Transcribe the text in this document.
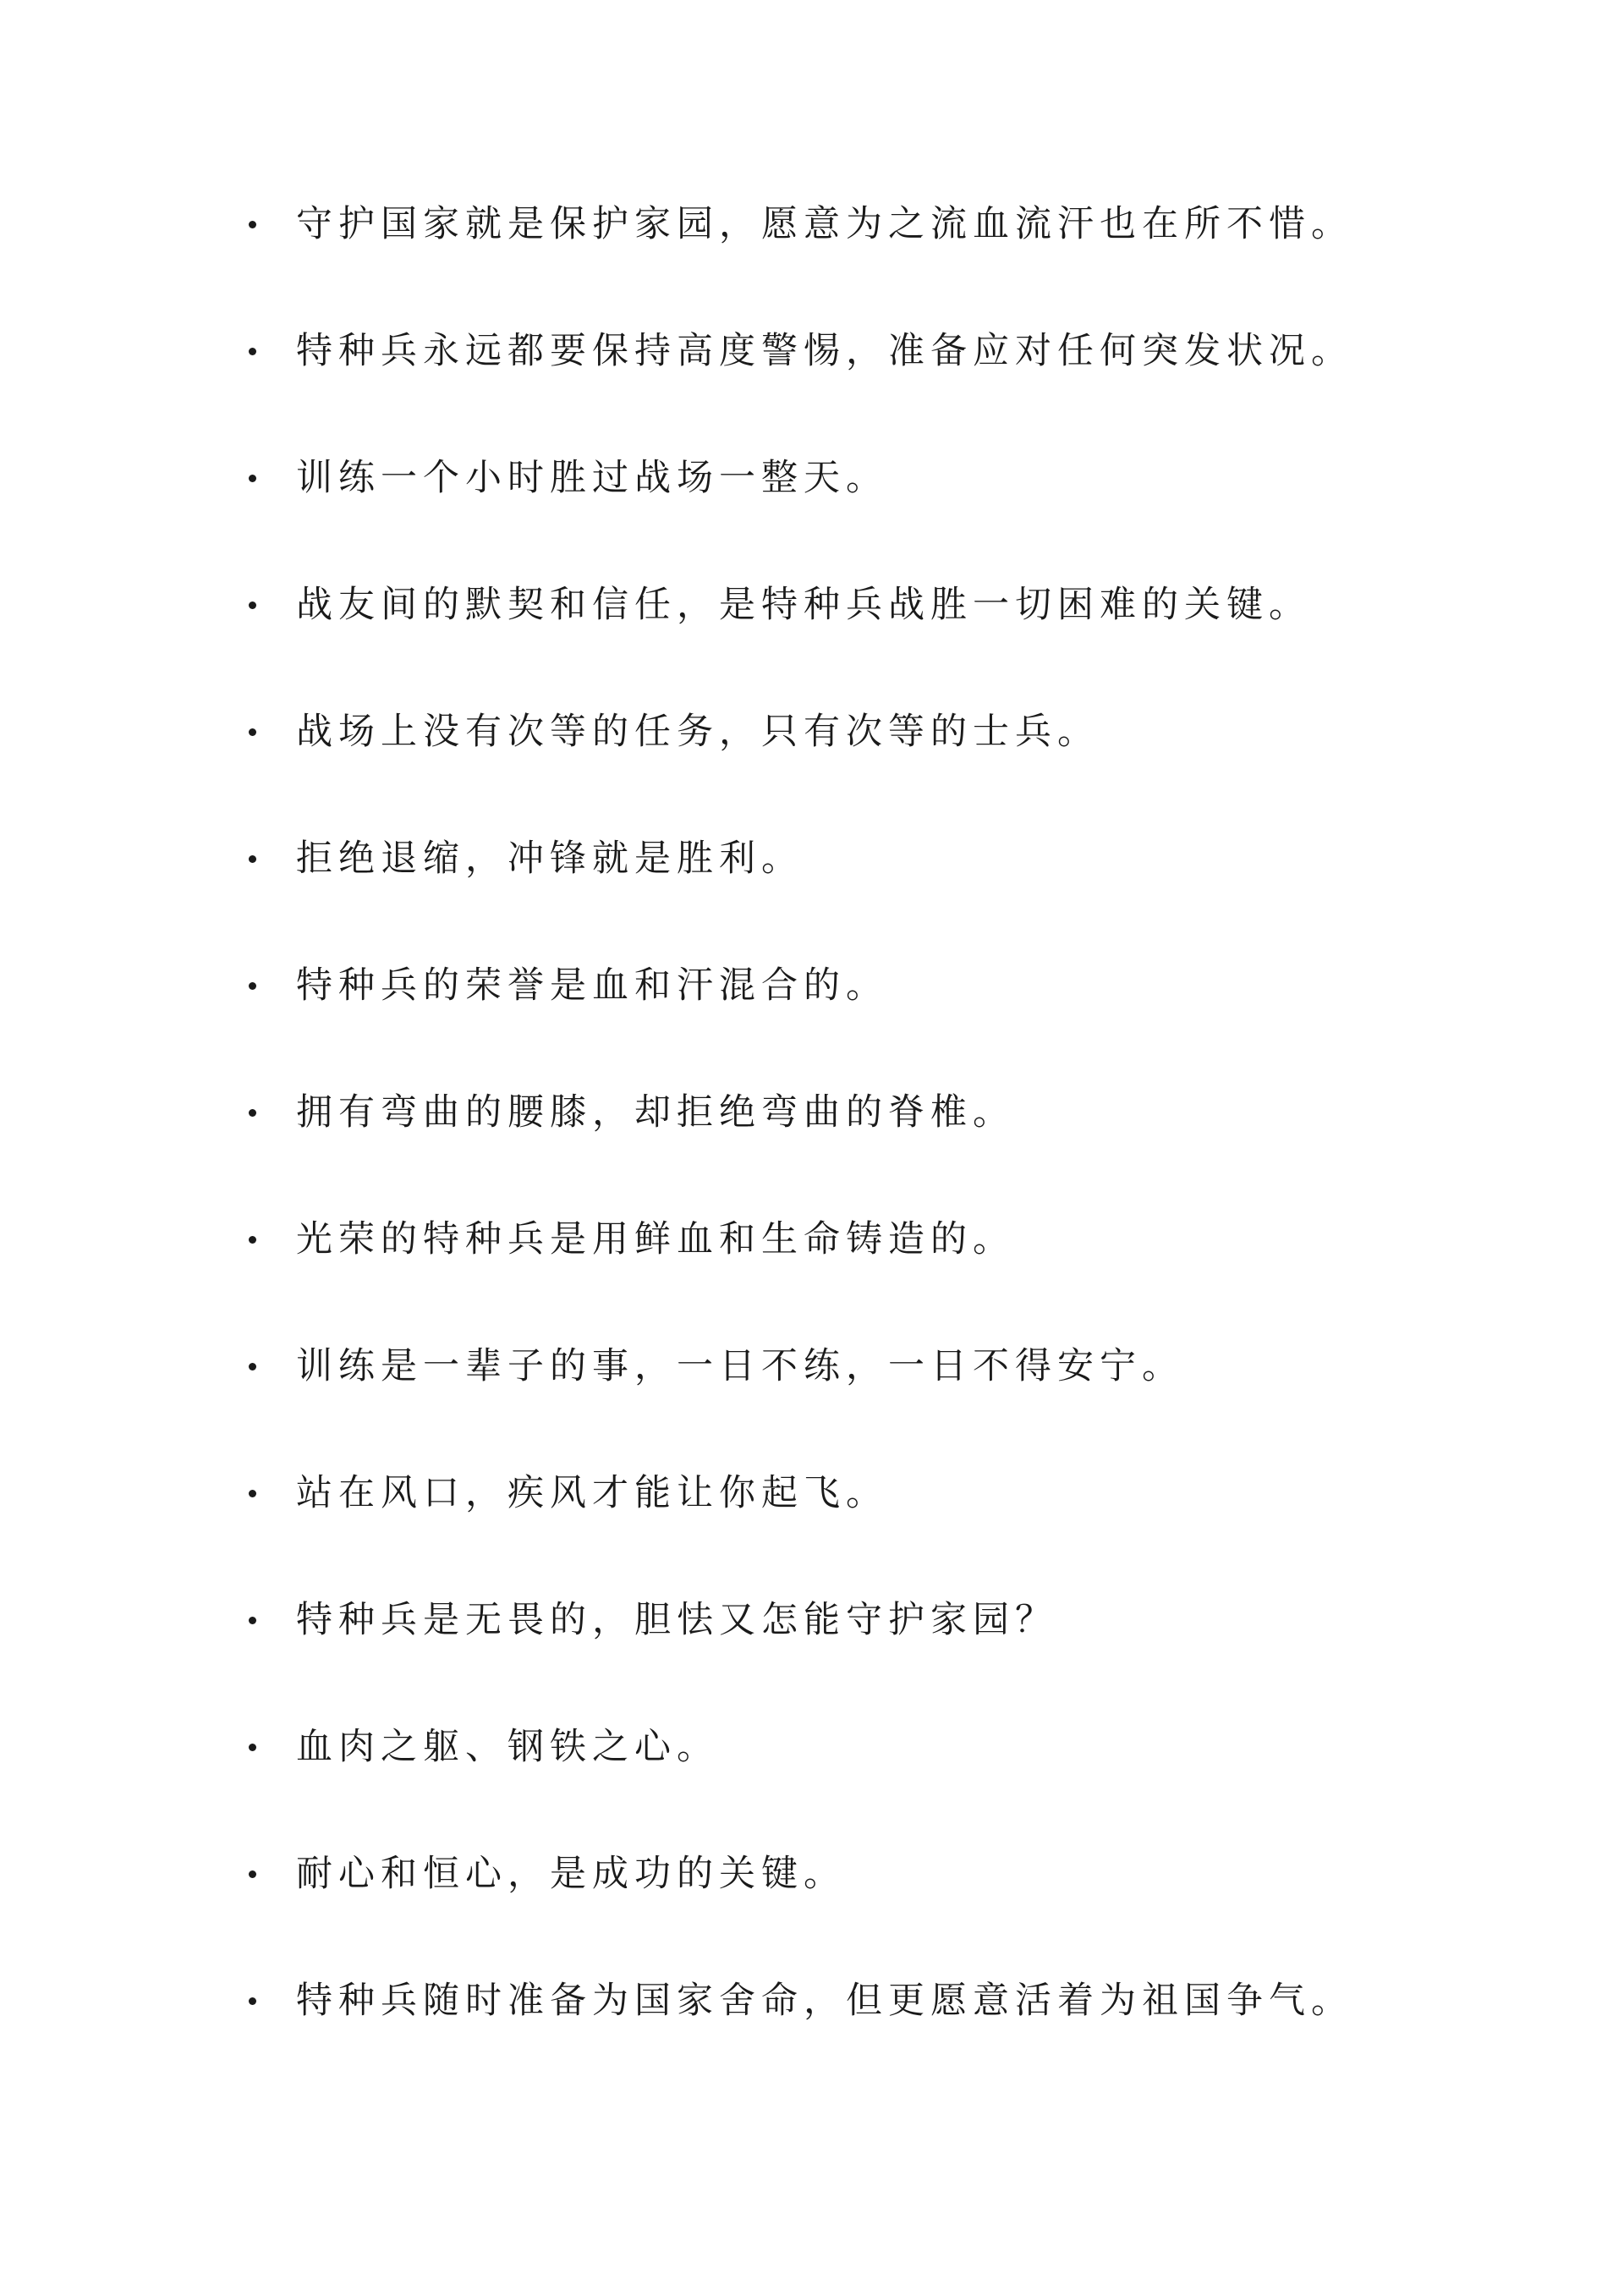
守护国家就是保护家园，愿意为之流血流汗也在所不惜。
特种兵永远都要保持高度警惕，准备应对任何突发状况。
训练一个小时胜过战场一整天。
战友间的默契和信任，是特种兵战胜一切困难的关键。
战场上没有次等的任务，只有次等的士兵。
拒绝退缩，冲锋就是胜利。
特种兵的荣誉是血和汗混合的。
拥有弯曲的腰膝，却拒绝弯曲的脊椎。
光荣的特种兵是用鲜血和生命铸造的。
训练是一辈子的事，一日不练，一日不得安宁。
站在风口，疾风才能让你起飞。
特种兵是无畏的，胆怯又怎能守护家园？
血肉之躯、钢铁之心。
耐心和恒心，是成功的关键。
特种兵随时准备为国家舍命，但更愿意活着为祖国争气。
